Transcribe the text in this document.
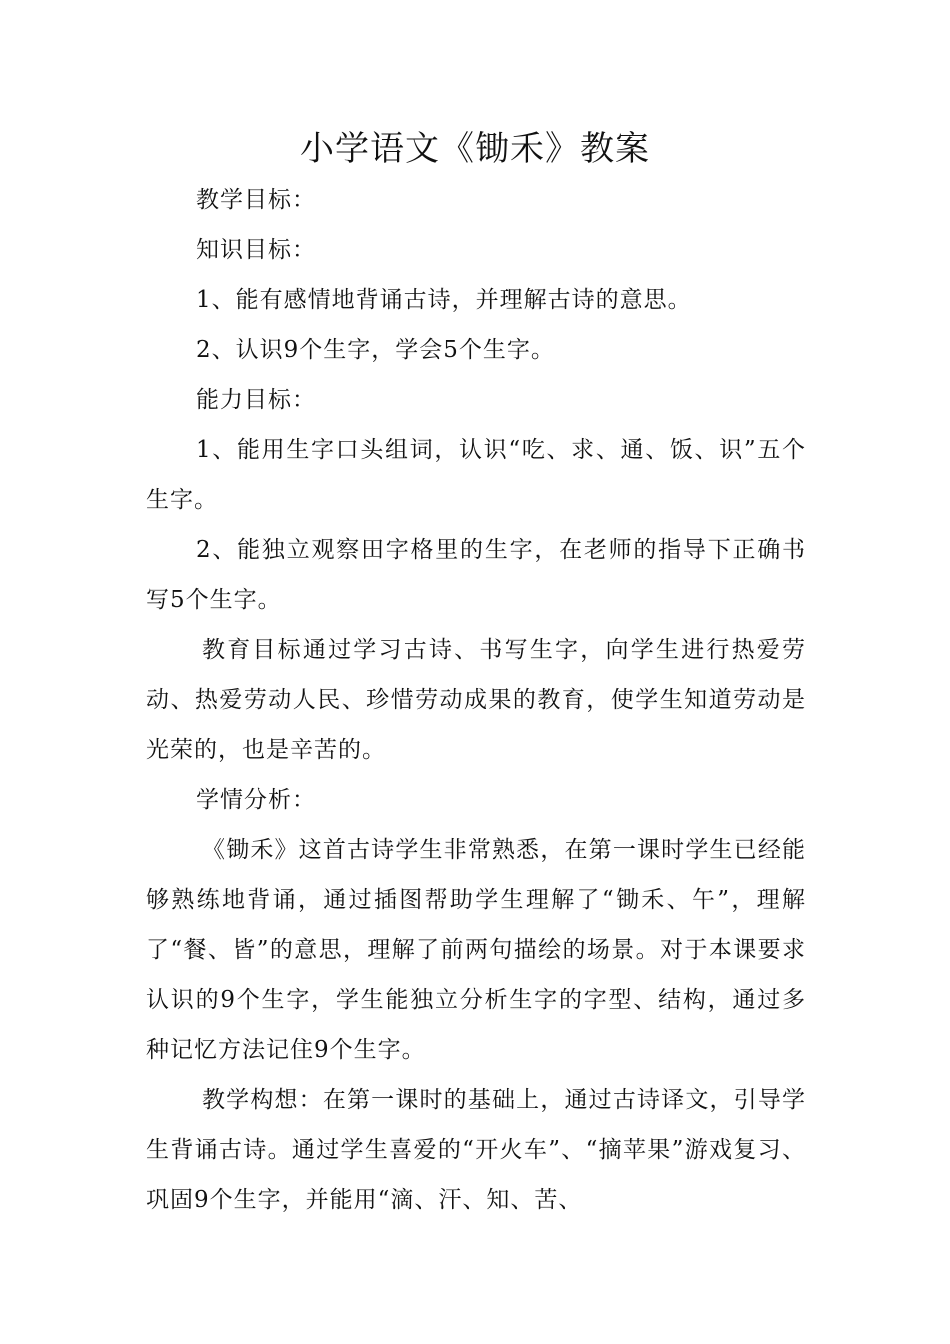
小学语文《锄禾》教案

教学目标：

知识目标：

1、能有感情地背诵古诗，并理解古诗的意思。

2、认识9个生字，学会5个生字。

能力目标：

1、能用生字口头组词，认识“吃、求、通、饭、识”五个生字。

2、能独立观察田字格里的生字，在老师的指导下正确书写5个生字。

教育目标通过学习古诗、书写生字，向学生进行热爱劳动、热爱劳动人民、珍惜劳动成果的教育，使学生知道劳动是光荣的，也是辛苦的。

学情分析：

《锄禾》这首古诗学生非常熟悉，在第一课时学生已经能够熟练地背诵，通过插图帮助学生理解了“锄禾、午”，理解了“餐、皆”的意思，理解了前两句描绘的场景。对于本课要求认识的9个生字，学生能独立分析生字的字型、结构，通过多种记忆方法记住9个生字。

教学构想：在第一课时的基础上，通过古诗译文，引导学生背诵古诗。通过学生喜爱的“开火车”、“摘苹果”游戏复习、巩固9个生字，并能用“滴、汗、知、苦、
